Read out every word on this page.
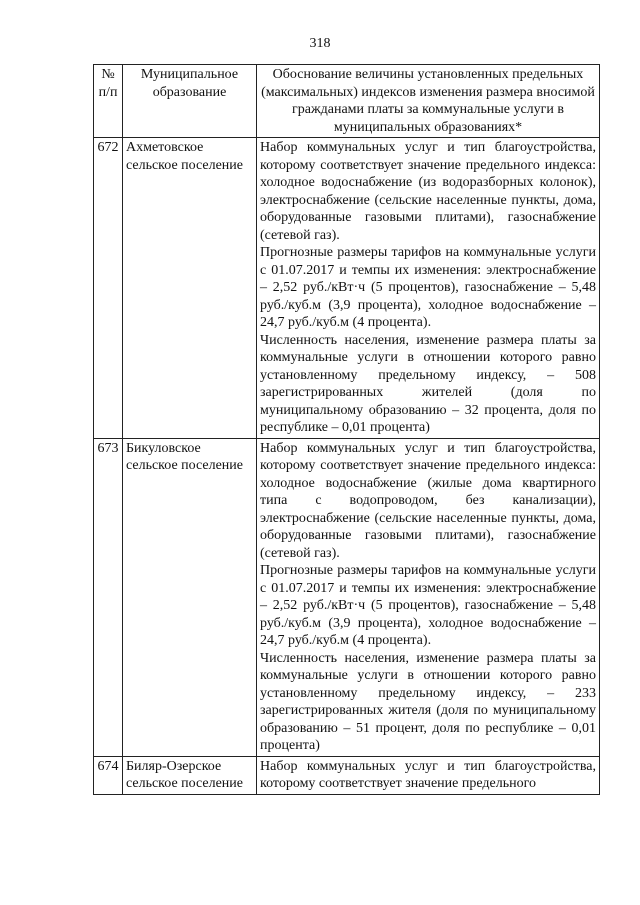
318
№ п/п	Муниципальное образование	Обоснование величины установленных предельных (максимальных) индексов изменения размера вносимой гражданами платы за коммунальные услуги в муниципальных образованиях*
672	Ахметовское сельское поселение	Набор коммунальных услуг и тип благоустройства, которому соответствует значение предельного индекса: холодное водоснабжение (из водоразборных колонок), электроснабжение (сельские населенные пункты, дома, оборудованные газовыми плитами), газоснабжение (сетевой газ).

Прогнозные размеры тарифов на коммунальные услуги с 01.07.2017 и темпы их изменения: электроснабжение – 2,52 руб./кВт·ч (5 процентов), газоснабжение – 5,48 руб./куб.м (3,9 процента), холодное водоснабжение – 24,7 руб./куб.м (4 процента).

Численность населения, изменение размера платы за коммунальные услуги в отношении которого равно установленному предельному индексу, – 508 зарегистрированных жителей (доля по муниципальному образованию – 32 процента, доля по республике – 0,01 процента)

673	Бикуловское сельское поселение	Набор коммунальных услуг и тип благоустройства, которому соответствует значение предельного индекса: холодное водоснабжение (жилые дома квартирного типа с водопроводом, без канализации), электроснабжение (сельские населенные пункты, дома, оборудованные газовыми плитами), газоснабжение (сетевой газ).

Прогнозные размеры тарифов на коммунальные услуги с 01.07.2017 и темпы их изменения: электроснабжение – 2,52 руб./кВт·ч (5 процентов), газоснабжение – 5,48 руб./куб.м (3,9 процента), холодное водоснабжение – 24,7 руб./куб.м (4 процента).

Численность населения, изменение размера платы за коммунальные услуги в отношении которого равно установленному предельному индексу, – 233 зарегистрированных жителя (доля по муниципальному образованию – 51 процент, доля по республике – 0,01 процента)

674	Биляр-Озерское сельское поселение	Набор коммунальных услуг и тип благоустройства, которому соответствует значение предельного
